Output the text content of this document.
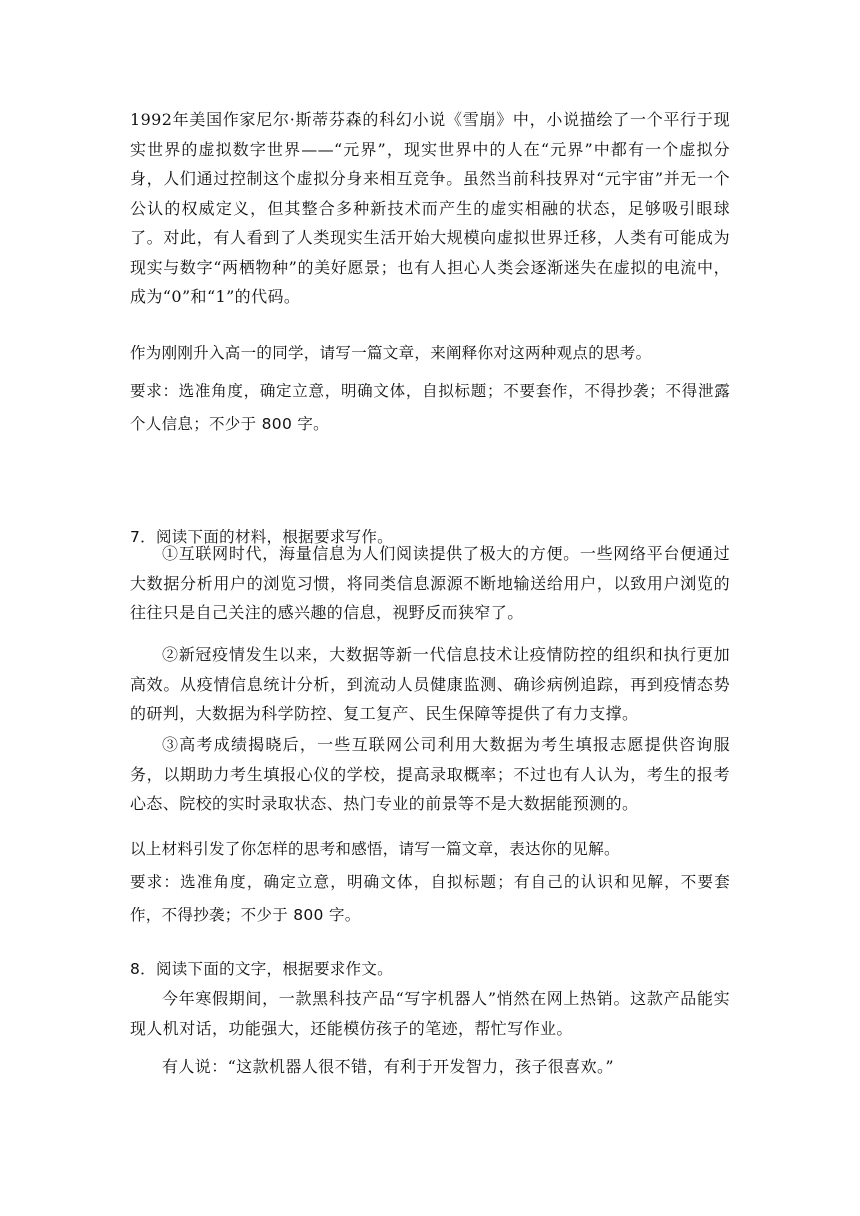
1992年美国作家尼尔·斯蒂芬森的科幻小说《雪崩》中，小说描绘了一个平行于现实世界的虚拟数字世界——“元界”，现实世界中的人在“元界”中都有一个虚拟分身，人们通过控制这个虚拟分身来相互竞争。虽然当前科技界对“元宇宙”并无一个公认的权威定义，但其整合多种新技术而产生的虚实相融的状态，足够吸引眼球了。对此，有人看到了人类现实生活开始大规模向虚拟世界迁移，人类有可能成为现实与数字“两栖物种”的美好愿景；也有人担心人类会逐渐迷失在虚拟的电流中，成为“0”和“1”的代码。

作为刚刚升入高一的同学，请写一篇文章，来阐释你对这两种观点的思考。

要求：选准角度，确定立意，明确文体，自拟标题；不要套作，不得抄袭；不得泄露个人信息；不少于 800 字。

7．阅读下面的材料，根据要求写作。

①互联网时代，海量信息为人们阅读提供了极大的方便。一些网络平台便通过大数据分析用户的浏览习惯，将同类信息源源不断地输送给用户，以致用户浏览的往往只是自己关注的感兴趣的信息，视野反而狭窄了。

②新冠疫情发生以来，大数据等新一代信息技术让疫情防控的组织和执行更加高效。从疫情信息统计分析，到流动人员健康监测、确诊病例追踪，再到疫情态势的研判，大数据为科学防控、复工复产、民生保障等提供了有力支撑。

③高考成绩揭晓后，一些互联网公司利用大数据为考生填报志愿提供咨询服务，以期助力考生填报心仪的学校，提高录取概率；不过也有人认为，考生的报考心态、院校的实时录取状态、热门专业的前景等不是大数据能预测的。

以上材料引发了你怎样的思考和感悟，请写一篇文章，表达你的见解。

要求：选准角度，确定立意，明确文体，自拟标题；有自己的认识和见解，不要套作，不得抄袭；不少于 800 字。

8．阅读下面的文字，根据要求作文。

今年寒假期间，一款黑科技产品“写字机器人”悄然在网上热销。这款产品能实现人机对话，功能强大，还能模仿孩子的笔迹，帮忙写作业。

有人说：“这款机器人很不错，有利于开发智力，孩子很喜欢。”
